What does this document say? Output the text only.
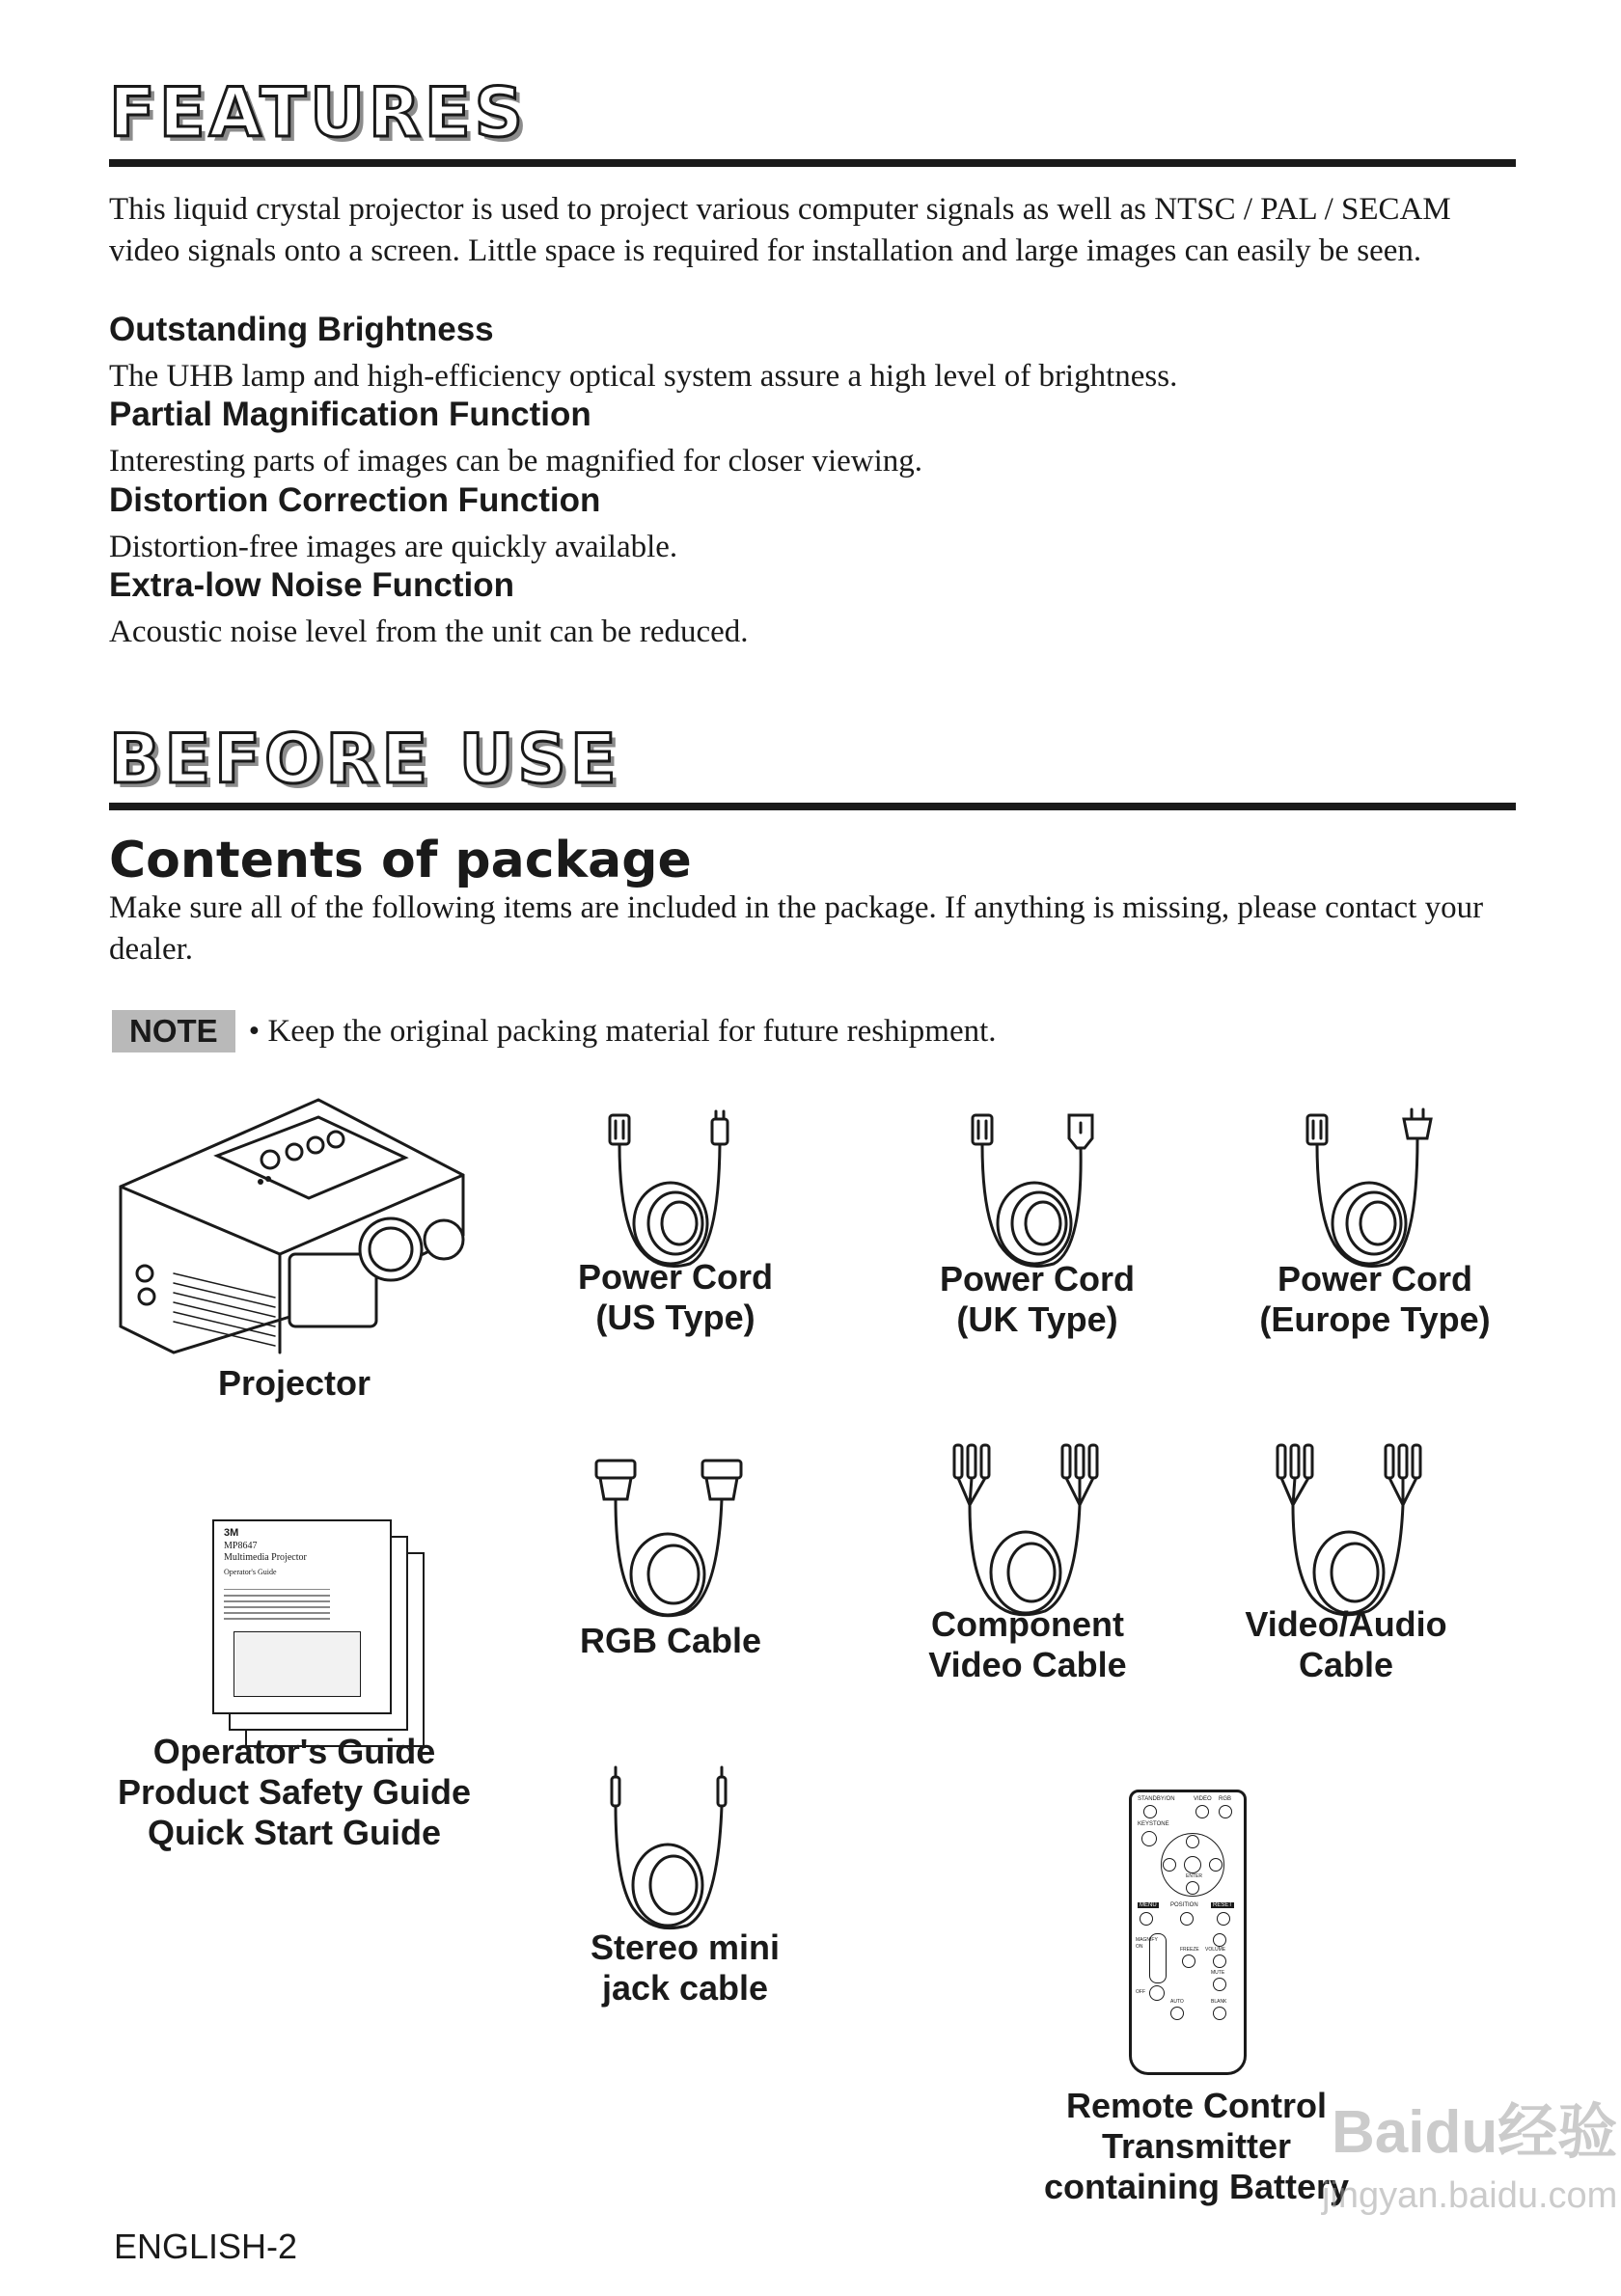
FEATURES
This liquid crystal projector is used to project various computer signals as well as NTSC / PAL / SECAM video signals onto a screen. Little space is required for installation and large images can easily be seen.
Outstanding Brightness
The UHB lamp and high-efficiency optical system assure a high level of brightness.
Partial Magnification Function
Interesting parts of images can be magnified for closer viewing.
Distortion Correction Function
Distortion-free images are quickly available.
Extra-low Noise Function
Acoustic noise level from the unit can be reduced.
BEFORE USE
Contents of package
Make sure all of the following items are included in the package. If anything is missing, please contact your dealer.
NOTE • Keep the original packing material for future reshipment.
Projector
Power Cord
(US Type)
Power Cord
(UK Type)
Power Cord
(Europe Type)
3M
MP8647
Multimedia Projector
Operator's Guide
Operator's Guide
Product Safety Guide
Quick Start Guide
RGB Cable	Component
Video Cable
Video/Audio
Cable
Stereo mini
jack cable
STANDBY/ON	VIDEO RGB
KEYSTONE
ENTER
MENU	POSITION	RESET
MAGNIFY
ON
OFF
FREEZE VOLUME
MUTE
AUTO	BLANK
Remote Control
Transmitter
containing Battery
ENGLISH-2
Baidu经验
jingyan.baidu.com
